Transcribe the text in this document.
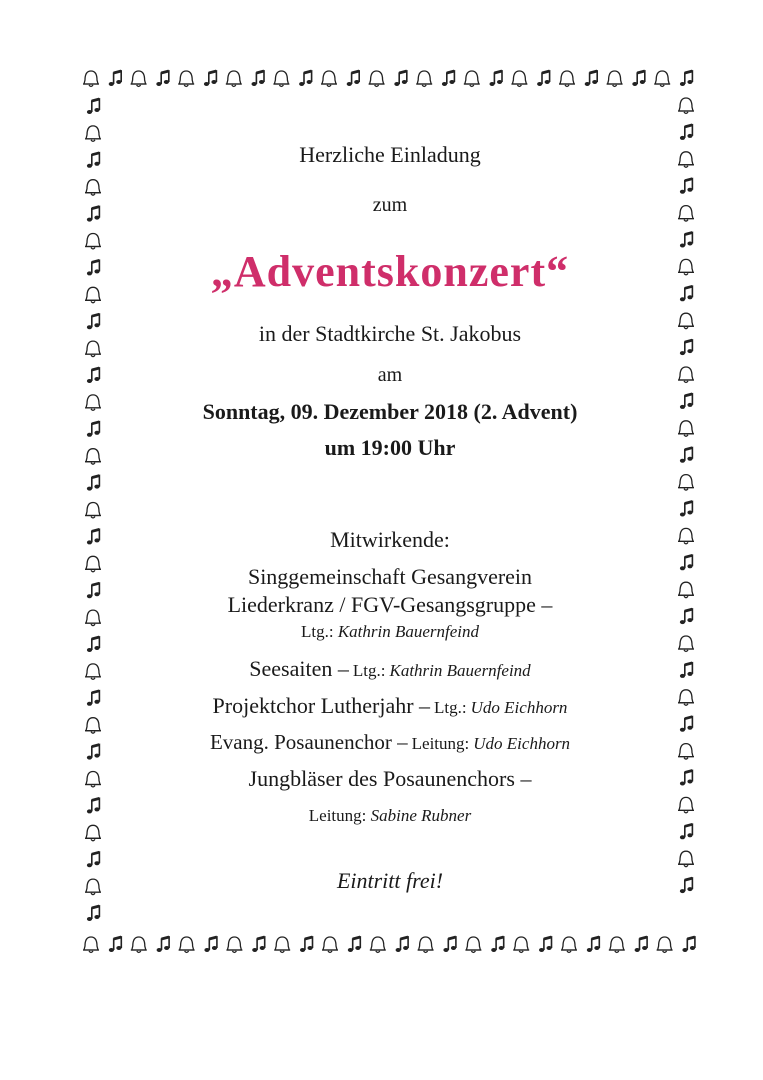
Herzliche Einladung
zum
„Adventskonzert“
in der Stadtkirche St. Jakobus
am
Sonntag, 09. Dezember 2018 (2. Advent)
um 19:00 Uhr
Mitwirkende:
Singgemeinschaft Gesangverein
Liederkranz / FGV-Gesangsgruppe –
Ltg.: Kathrin Bauernfeind
Seesaiten – Ltg.: Kathrin Bauernfeind
Projektchor Lutherjahr – Ltg.: Udo Eichhorn
Evang. Posaunenchor – Leitung: Udo Eichhorn
Jungbläser des Posaunenchors –
Leitung: Sabine Rubner
Eintritt frei!
